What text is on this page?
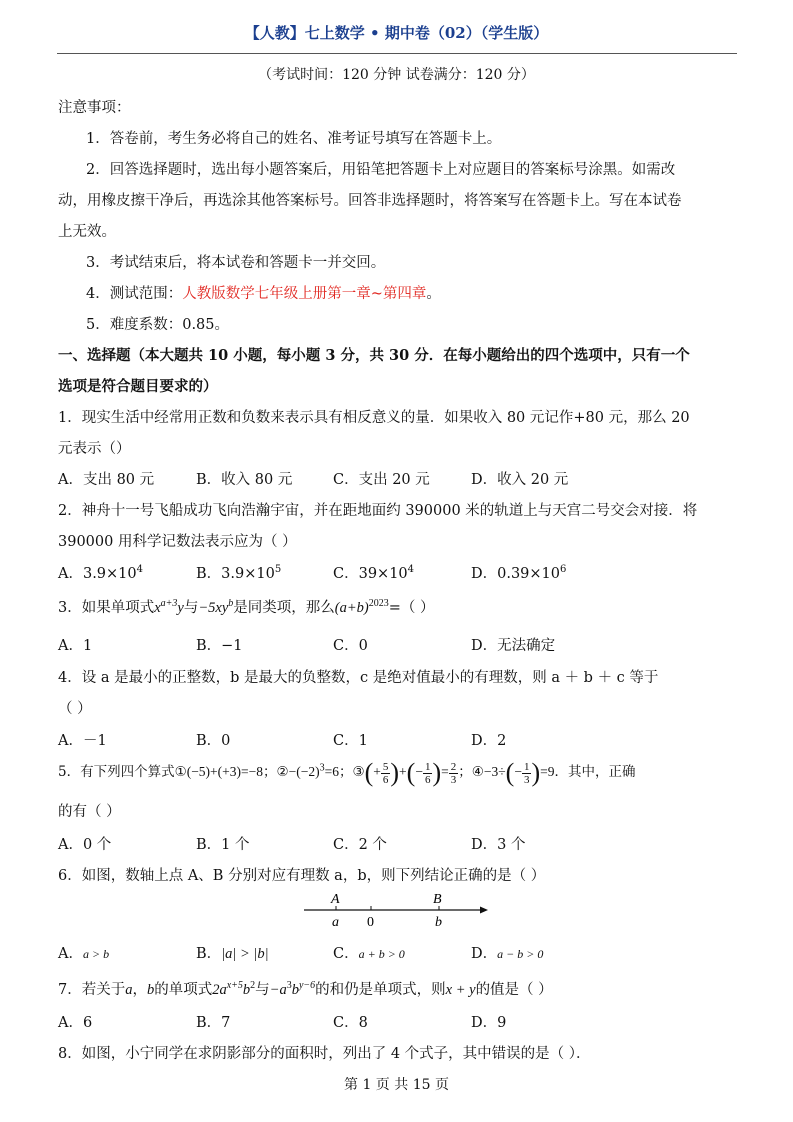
【人教】七上数学 • 期中卷（02）（学生版）
（考试时间：120 分钟 试卷满分：120 分）
注意事项：
1．答卷前，考生务必将自己的姓名、准考证号填写在答题卡上。
2．回答选择题时，选出每小题答案后，用铅笔把答题卡上对应题目的答案标号涂黑。如需改
动，用橡皮擦干净后，再选涂其他答案标号。回答非选择题时，将答案写在答题卡上。写在本试卷
上无效。
3．考试结束后，将本试卷和答题卡一并交回。
4．测试范围：人教版数学七年级上册第一章~第四章。
5．难度系数：0.85。
一、选择题（本大题共 10 小题，每小题 3 分，共 30 分．在每小题给出的四个选项中，只有一个
选项是符合题目要求的）
1．现实生活中经常用正数和负数来表示具有相反意义的量．如果收入 80 元记作+80 元，那么 20
元表示（）
A．支出 80 元	B．收入 80 元	C．支出 20 元	D．收入 20 元
2．神舟十一号飞船成功飞向浩瀚宇宙，并在距地面约 390000 米的轨道上与天宫二号交会对接．将
390000 用科学记数法表示应为（ ）
A．$3.9\times 10^4$	B．$3.9\times 10^5$	C．$39\times 10^4$	D．$0.39\times 10^6$
3．如果单项式$x^{a+3}y$与$-5xy^b$是同类项，那么$(a+b)^{2023}=$（ ）
A．1	B．−1	C．0	D．无法确定
4．设 a 是最小的正整数，b 是最大的负整数，c 是绝对值最小的有理数，则 a ＋ b ＋ c 等于
（ ）
A．－1	B．0	C．1	D．2
5．有下列四个算式①(−5)+(+3)=−8；$②-(-2)^3=6$；③(+ $\frac{5}{6}$ )+(− $\frac{1}{6}$ )= $\frac{2}{3}$ ；④−3÷(− $\frac{1}{3} )=9$．其中，正确
的有（ ）
A．0 个	B．1 个	C．2 个	D．3 个
6．如图，数轴上点 A、B 分别对应有理数 a，b，则下列结论正确的是（ ）
A
a 0
B
b
A．a > b	B．|a| > |b|	C．a + b > 0	D．a − b > 0
7．若关于a，b的单项式$2a^{x+5}b^2$与$-a^3b^{y-6}$的和仍是单项式，则x + y的值是（ ）
A．6	B．7	C．8	D．9
8．如图，小宁同学在求阴影部分的面积时，列出了 4 个式子，其中错误的是（ ）．
第 1 页 共 15 页
